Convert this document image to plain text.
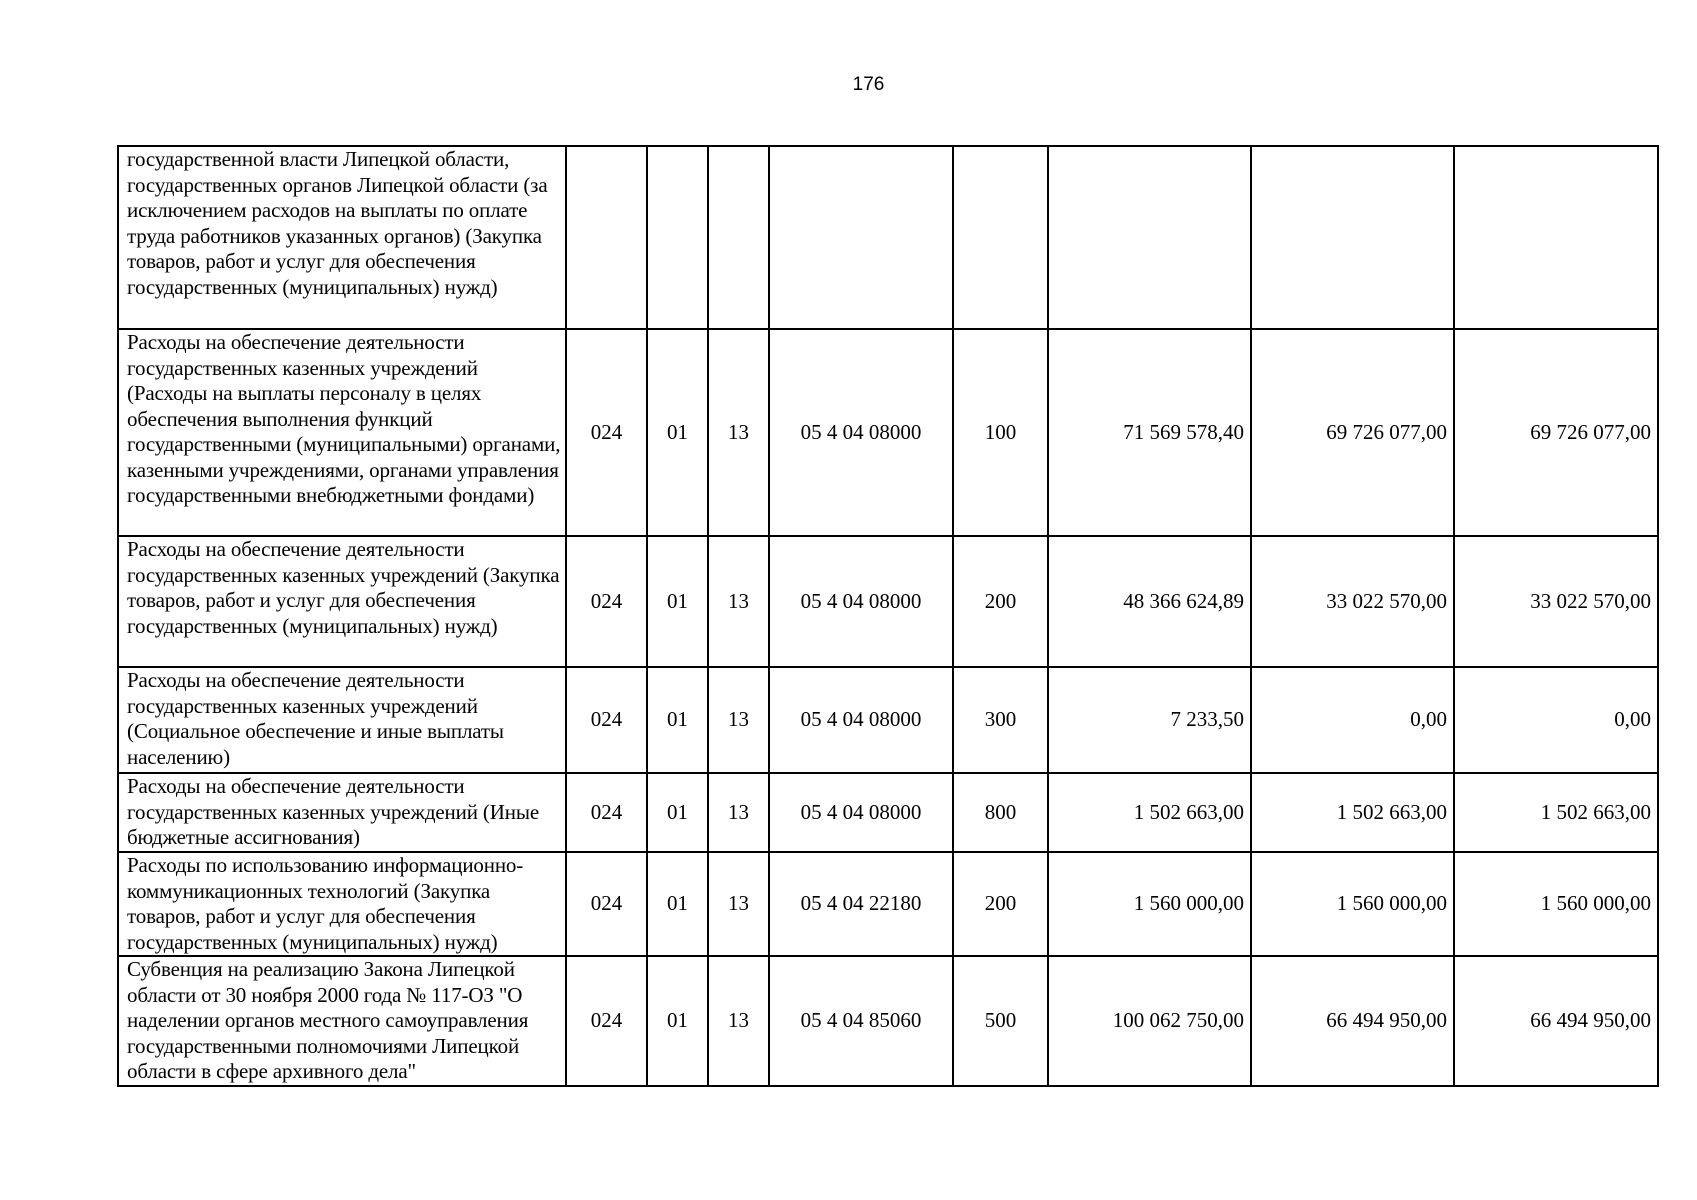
176
государственной власти Липецкой области, государственных органов Липецкой области (за исключением расходов на выплаты по оплате труда работников указанных органов) (Закупка товаров, работ и услуг для обеспечения государственных (муниципальных) нужд)								
Расходы на обеспечение деятельности государственных казенных учреждений (Расходы на выплаты персоналу в целях обеспечения выполнения функций государственными (муниципальными) органами, казенными учреждениями, органами управления государственными внебюджетными фондами)	024	01	13	05 4 04 08000	100	71 569 578,40	69 726 077,00	69 726 077,00
Расходы на обеспечение деятельности государственных казенных учреждений (Закупка товаров, работ и услуг для обеспечения государственных (муниципальных) нужд)	024	01	13	05 4 04 08000	200	48 366 624,89	33 022 570,00	33 022 570,00
Расходы на обеспечение деятельности государственных казенных учреждений (Социальное обеспечение и иные выплаты населению)	024	01	13	05 4 04 08000	300	7 233,50	0,00	0,00
Расходы на обеспечение деятельности государственных казенных учреждений (Иные бюджетные ассигнования)	024	01	13	05 4 04 08000	800	1 502 663,00	1 502 663,00	1 502 663,00
Расходы по использованию информационно-коммуникационных технологий (Закупка товаров, работ и услуг для обеспечения государственных (муниципальных) нужд)	024	01	13	05 4 04 22180	200	1 560 000,00	1 560 000,00	1 560 000,00
Субвенция на реализацию Закона Липецкой области от 30 ноября 2000 года № 117-ОЗ "О наделении органов местного самоуправления государственными полномочиями Липецкой области в сфере архивного дела"	024	01	13	05 4 04 85060	500	100 062 750,00	66 494 950,00	66 494 950,00
